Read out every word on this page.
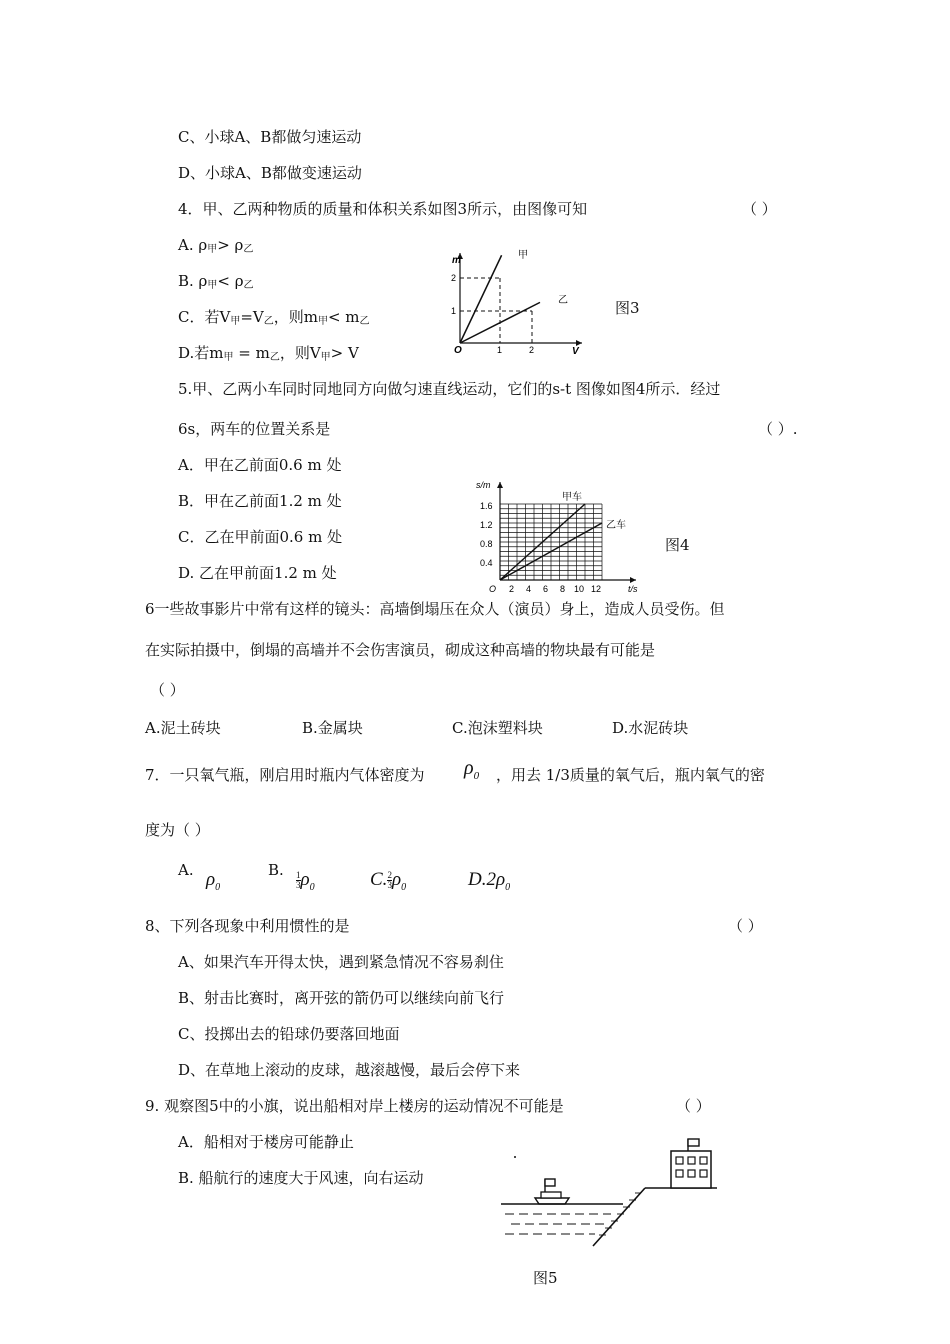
C、小球A、B都做匀速运动
D、小球A、B都做变速运动
4．甲、乙两种物质的质量和体积关系如图3所示，由图像可知	（ ）
A. $\rho_甲> \rho_乙$
B. $\rho_甲< \rho_乙$
C．若$V_甲=V_乙$，则$m_甲< m_乙$
D.若$m_甲 = m_乙$，则$V_甲> V$
m
V
O	1	2
1
2
甲
乙	图3
5.甲、乙两小车同时同地同方向做匀速直线运动，它们的s-t 图像如图4所示．经过
6s，两车的位置关系是	（ ）.
A．甲在乙前面0.6 m 处
B．甲在乙前面1.2 m 处
C．乙在甲前面0.6 m 处
D. 乙在甲前面1.2 m 处
s/m
t/s
O 2 4 6 8 10 12
0.4
0.8
1.2
1.6
甲车
乙车
图4
6一些故事影片中常有这样的镜头：高墙倒塌压在众人（演员）身上，造成人员受伤。但
在实际拍摄中，倒塌的高墙并不会伤害演员，砌成这种高墙的物块最有可能是
（ ）
A.泥土砖块	B.金属块	C.泡沫塑料块	D.水泥砖块
7．一只氧气瓶，刚启用时瓶内气体密度为 $\rho_0$ ，用去 1/3质量的氧气后，瓶内氧气的密
度为（ ）
A. $\rho_0$
B.
$\frac{1}{3} \rho_0$	C. $\frac{2}{3} \rho_0$	$D.2\rho_0$
8、下列各现象中利用惯性的是	（ ）
A、如果汽车开得太快，遇到紧急情况不容易刹住
B、射击比赛时，离开弦的箭仍可以继续向前飞行
C、投掷出去的铅球仍要落回地面
D、在草地上滚动的皮球，越滚越慢，最后会停下来
9. 观察图5中的小旗，说出船相对岸上楼房的运动情况不可能是	（ ）
A．船相对于楼房可能静止
B. 船航行的速度大于风速，向右运动
图5
